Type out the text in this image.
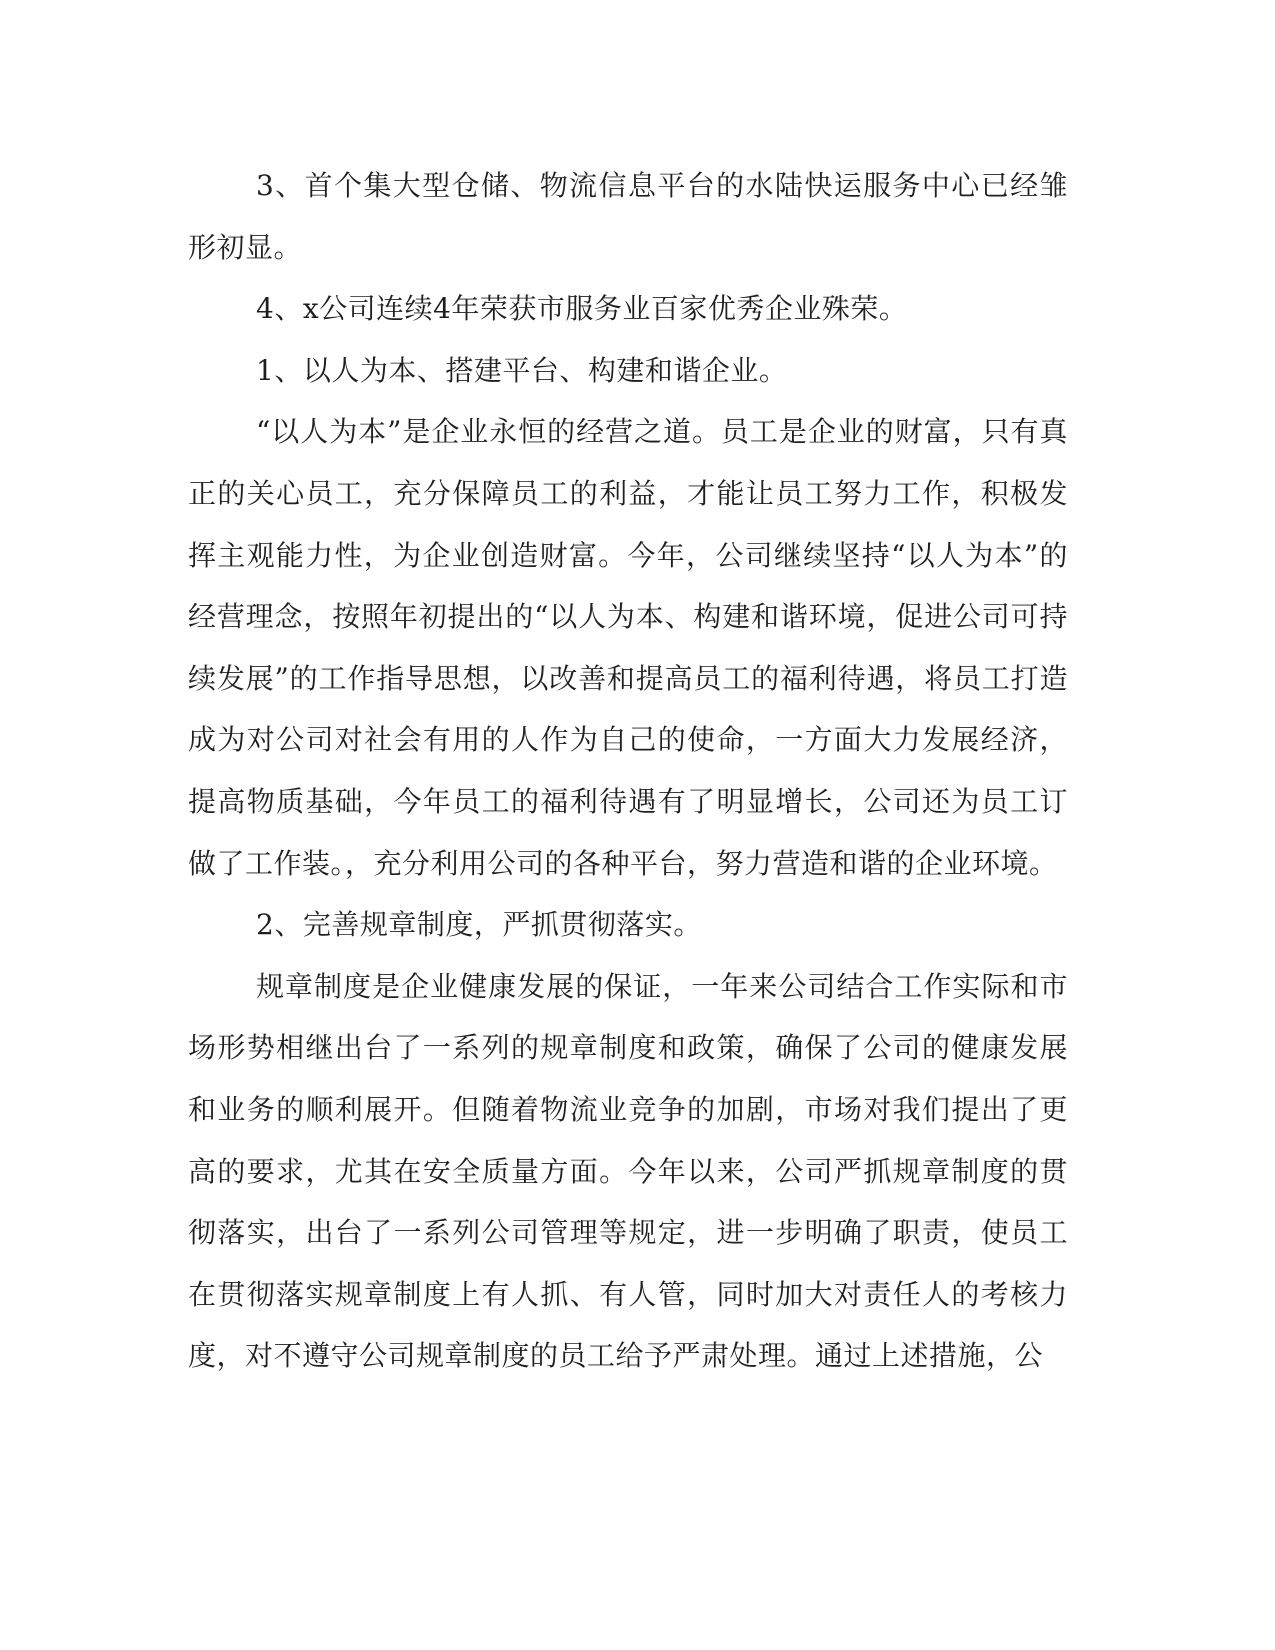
3、首个集大型仓储、物流信息平台的水陆快运服务中心已经雏形初显。

4、x公司连续4年荣获市服务业百家优秀企业殊荣。

1、以人为本、搭建平台、构建和谐企业。

“以人为本”是企业永恒的经营之道。员工是企业的财富，只有真正的关心员工，充分保障员工的利益，才能让员工努力工作，积极发挥主观能力性，为企业创造财富。今年，公司继续坚持“以人为本”的经营理念，按照年初提出的“以人为本、构建和谐环境，促进公司可持续发展”的工作指导思想，以改善和提高员工的福利待遇，将员工打造成为对公司对社会有用的人作为自己的使命，一方面大力发展经济，提高物质基础，今年员工的福利待遇有了明显增长，公司还为员工订做了工作装。，充分利用公司的各种平台，努力营造和谐的企业环境。

2、完善规章制度，严抓贯彻落实。

规章制度是企业健康发展的保证，一年来公司结合工作实际和市场形势相继出台了一系列的规章制度和政策，确保了公司的健康发展和业务的顺利展开。但随着物流业竞争的加剧，市场对我们提出了更高的要求，尤其在安全质量方面。今年以来，公司严抓规章制度的贯彻落实，出台了一系列公司管理等规定，进一步明确了职责，使员工在贯彻落实规章制度上有人抓、有人管，同时加大对责任人的考核力度，对不遵守公司规章制度的员工给予严肃处理。通过上述措施，公
